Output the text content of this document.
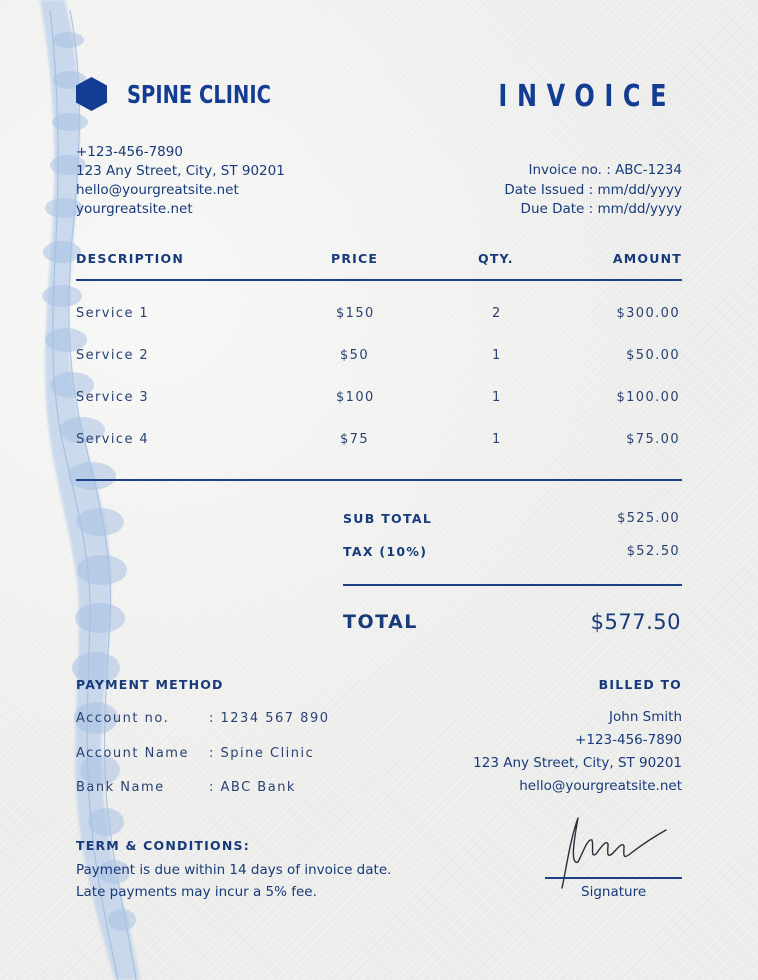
SPINE CLINIC	INVOICE
+123-456-7890
123 Any Street, City, ST 90201
hello@yourgreatsite.net
yourgreatsite.net
Invoice no. : ABC-1234
Date Issued : mm/dd/yyyy
Due Date : mm/dd/yyyy
DESCRIPTION	PRICE	QTY.	AMOUNT
Service 1	$150	2	$300.00
Service 2	$50	1	$50.00
Service 3	$100	1	$100.00
Service 4	$75	1	$75.00
SUB TOTAL	$525.00
TAX (10%)	$52.50
TOTAL	$577.50
PAYMENT METHOD
Account no.	: 1234 567 890
Account Name : Spine Clinic
Bank Name	: ABC Bank
BILLED TO
John Smith
+123-456-7890
123 Any Street, City, ST 90201
hello@yourgreatsite.net
TERM & CONDITIONS:
Payment is due within 14 days of invoice date.
Late payments may incur a 5% fee.	Signature
